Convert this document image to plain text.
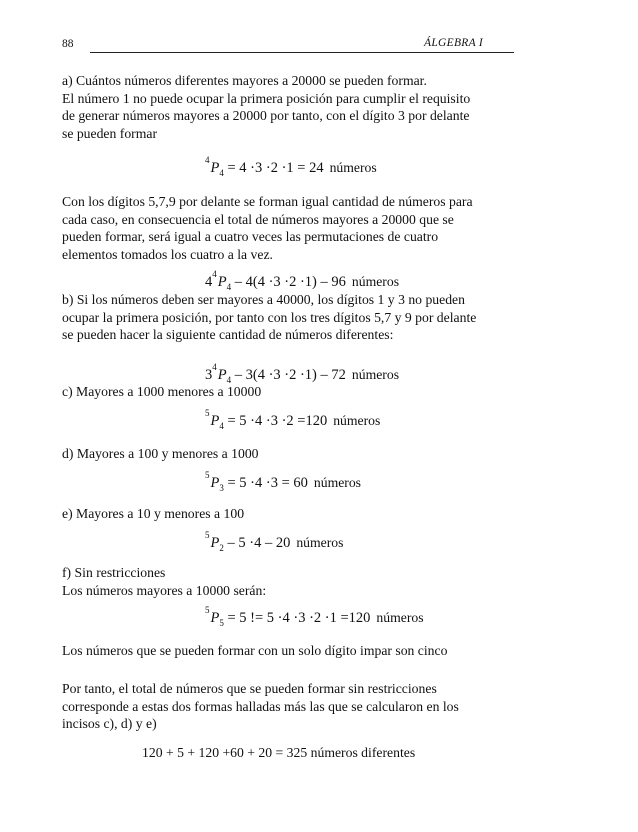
88	ÁLGEBRA I
a) Cuántos números diferentes mayores a 20000 se pueden formar.
El número 1 no puede ocupar la primera posición para cumplir el requisito
de generar números mayores a 20000 por tanto, con el dígito 3 por delante
se pueden formar
$^4P_4 = 4 \cdot 3 \cdot 2 \cdot 1 = 24$ números
Con los dígitos 5,7,9 por delante se forman igual cantidad de números para
cada caso, en consecuencia el total de números mayores a 20000 que se
pueden formar, será igual a cuatro veces las permutaciones de cuatro
elementos tomados los cuatro a la vez.
$4^4P_4 - 4(4 \cdot 3 \cdot 2 \cdot 1) - 96$ números
b) Si los números deben ser mayores a 40000, los dígitos 1 y 3 no pueden
ocupar la primera posición, por tanto con los tres dígitos 5,7 y 9 por delante
se pueden hacer la siguiente cantidad de números diferentes:
$3^4P_4 - 3(4 \cdot 3 \cdot 2 \cdot 1) - 72$ números
c) Mayores a 1000 menores a 10000
$^5P_4 = 5 \cdot 4 \cdot 3 \cdot 2 =120$ números
d) Mayores a 100 y menores a 1000
$^5P_3 = 5 \cdot 4 \cdot 3 = 60$ números
e) Mayores a 10 y menores a 100
$^5P_2 - 5 \cdot 4 - 20$ números
f) Sin restricciones
Los números mayores a 10000 serán:
$^5P_5 = 5$ != 5 ·4 ·3 ·2 ·1 =120 números
Los números que se pueden formar con un solo dígito impar son cinco
Por tanto, el total de números que se pueden formar sin restricciones
corresponde a estas dos formas halladas más las que se calcularon en los
incisos c), d) y e)
120 + 5 + 120 +60 + 20 = 325 números diferentes
